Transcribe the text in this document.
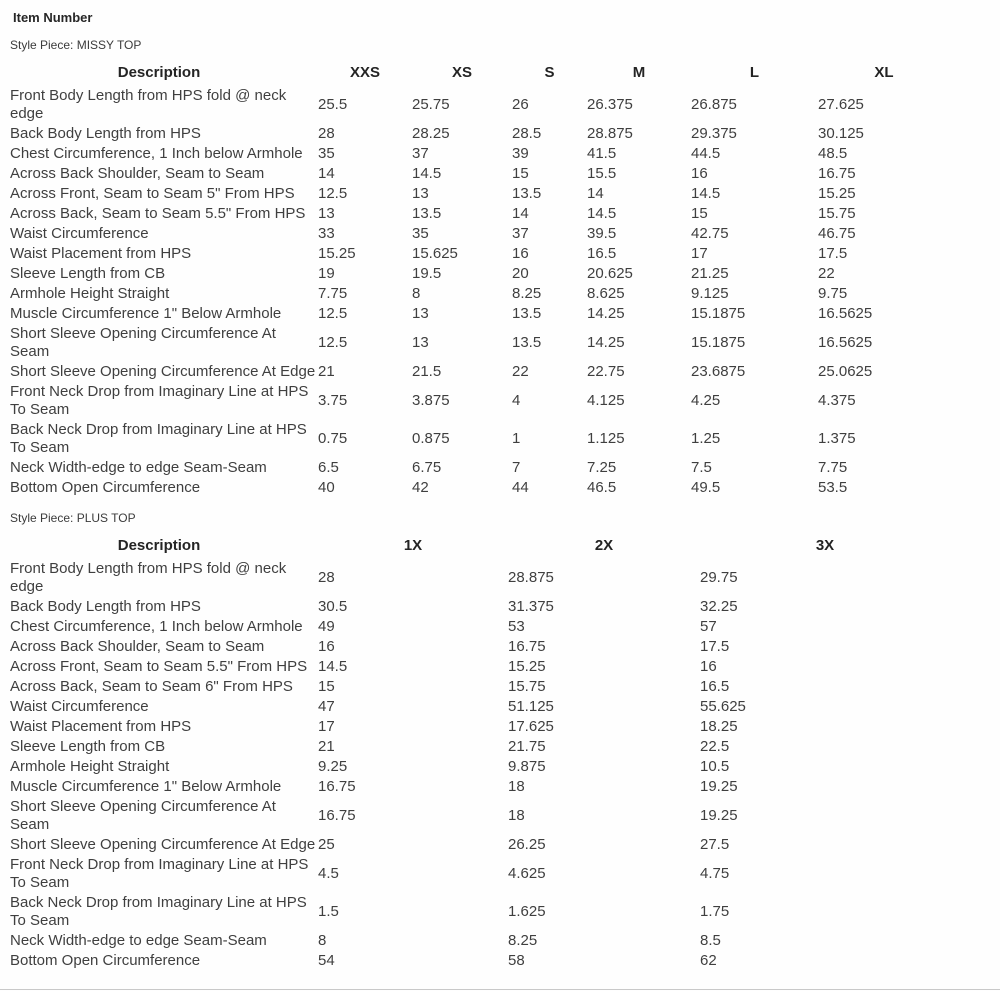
Item Number
Style Piece: MISSY TOP
Description	XXS	XS	S	M	L	XL
Front Body Length from HPS fold @ neck edge	25.5	25.75	26	26.375	26.875	27.625
Back Body Length from HPS	28	28.25	28.5	28.875	29.375	30.125
Chest Circumference, 1 Inch below Armhole	35	37	39	41.5	44.5	48.5
Across Back Shoulder, Seam to Seam	14	14.5	15	15.5	16	16.75
Across Front, Seam to Seam 5" From HPS	12.5	13	13.5	14	14.5	15.25
Across Back, Seam to Seam 5.5" From HPS	13	13.5	14	14.5	15	15.75
Waist Circumference	33	35	37	39.5	42.75	46.75
Waist Placement from HPS	15.25	15.625	16	16.5	17	17.5
Sleeve Length from CB	19	19.5	20	20.625	21.25	22
Armhole Height Straight	7.75	8	8.25	8.625	9.125	9.75
Muscle Circumference 1" Below Armhole	12.5	13	13.5	14.25	15.1875	16.5625
Short Sleeve Opening Circumference At Seam	12.5	13	13.5	14.25	15.1875	16.5625
Short Sleeve Opening Circumference At Edge	21	21.5	22	22.75	23.6875	25.0625
Front Neck Drop from Imaginary Line at HPS To Seam	3.75	3.875	4	4.125	4.25	4.375
Back Neck Drop from Imaginary Line at HPS To Seam	0.75	0.875	1	1.125	1.25	1.375
Neck Width-edge to edge Seam-Seam	6.5	6.75	7	7.25	7.5	7.75
Bottom Open Circumference	40	42	44	46.5	49.5	53.5
Style Piece: PLUS TOP
Description	1X	2X	3X
Front Body Length from HPS fold @ neck edge	28	28.875	29.75
Back Body Length from HPS	30.5	31.375	32.25
Chest Circumference, 1 Inch below Armhole	49	53	57
Across Back Shoulder, Seam to Seam	16	16.75	17.5
Across Front, Seam to Seam 5.5" From HPS	14.5	15.25	16
Across Back, Seam to Seam 6" From HPS	15	15.75	16.5
Waist Circumference	47	51.125	55.625
Waist Placement from HPS	17	17.625	18.25
Sleeve Length from CB	21	21.75	22.5
Armhole Height Straight	9.25	9.875	10.5
Muscle Circumference 1" Below Armhole	16.75	18	19.25
Short Sleeve Opening Circumference At Seam	16.75	18	19.25
Short Sleeve Opening Circumference At Edge	25	26.25	27.5
Front Neck Drop from Imaginary Line at HPS To Seam	4.5	4.625	4.75
Back Neck Drop from Imaginary Line at HPS To Seam	1.5	1.625	1.75
Neck Width-edge to edge Seam-Seam	8	8.25	8.5
Bottom Open Circumference	54	58	62
